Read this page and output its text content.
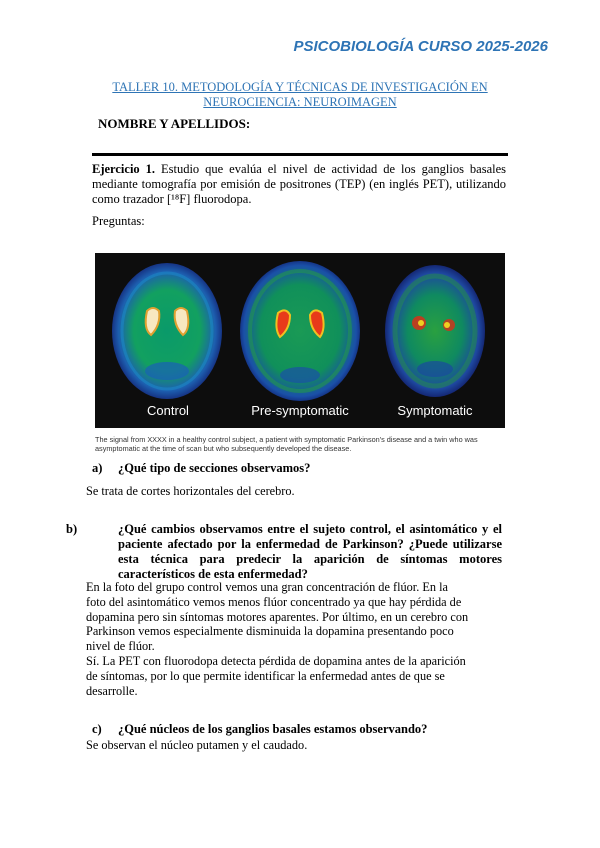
PSICOBIOLOGÍA CURSO 2025-2026
TALLER 10. METODOLOGÍA Y TÉCNICAS DE INVESTIGACIÓN EN NEUROCIENCIA: NEUROIMAGEN
NOMBRE Y APELLIDOS:
Ejercicio 1. Estudio que evalúa el nivel de actividad de los ganglios basales mediante tomografía por emisión de positrones (TEP) (en inglés PET), utilizando como trazador [¹⁸F] fluorodopa.
Preguntas:
Control	Pre-symptomatic	Symptomatic
The signal from XXXX in a healthy control subject, a patient with symptomatic Parkinson's disease and a twin who was asymptomatic at the time of scan but who subsequently developed the disease.
a) ¿Qué tipo de secciones observamos?
Se trata de cortes horizontales del cerebro.
b)	¿Qué cambios observamos entre el sujeto control, el asintomático y el paciente afectado por la enfermedad de Parkinson? ¿Puede utilizarse esta técnica para predecir la aparición de síntomas motores característicos de esta enfermedad?
En la foto del grupo control vemos una gran concentración de flúor. En la
foto del asintomático vemos menos flúor concentrado ya que hay pérdida de
dopamina pero sin síntomas motores aparentes. Por último, en un cerebro con
Parkinson vemos especialmente disminuida la dopamina presentando poco
nivel de flúor.
Sí. La PET con fluorodopa detecta pérdida de dopamina antes de la aparición
de síntomas, por lo que permite identificar la enfermedad antes de que se
desarrolle.
c) ¿Qué núcleos de los ganglios basales estamos observando?
Se observan el núcleo putamen y el caudado.
